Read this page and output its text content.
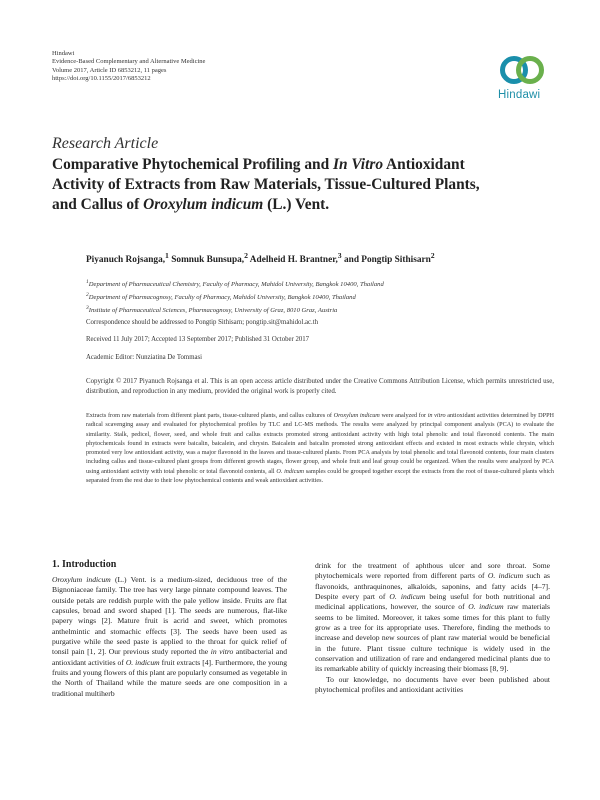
Hindawi
Evidence-Based Complementary and Alternative Medicine
Volume 2017, Article ID 6853212, 11 pages
https://doi.org/10.1155/2017/6853212
Hindawi
Research Article
Comparative Phytochemical Profiling and In Vitro Antioxidant
Activity of Extracts from Raw Materials, Tissue-Cultured Plants,
and Callus of Oroxylum indicum (L.) Vent.
Piyanuch Rojsanga,$^1$ Somnuk Bunsupa,$^2$ Adelheid H. Brantner,$^3$ and Pongtip Sithisarn$^2$
$^1$Department of Pharmaceutical Chemistry, Faculty of Pharmacy, Mahidol University, Bangkok 10400, Thailand
$^2$Department of Pharmacognosy, Faculty of Pharmacy, Mahidol University, Bangkok 10400, Thailand
$^3$Institute of Pharmaceutical Sciences, Pharmacognosy, University of Graz, 8010 Graz, Austria
Correspondence should be addressed to Pongtip Sithisarn; pongtip.sit@mahidol.ac.th
Received 11 July 2017; Accepted 13 September 2017; Published 31 October 2017
Academic Editor: Nunziatina De Tommasi
Copyright © 2017 Piyanuch Rojsanga et al. This is an open access article distributed under the Creative Commons Attribution License, which permits unrestricted use, distribution, and reproduction in any medium, provided the original work is properly cited.
Extracts from raw materials from different plant parts, tissue-cultured plants, and callus cultures of Oroxylum indicum were analyzed for in vitro antioxidant activities determined by DPPH radical scavenging assay and evaluated for phytochemical profiles by TLC and LC-MS methods. The results were analyzed by principal component analysis (PCA) to evaluate the similarity. Stalk, pedicel, flower, seed, and whole fruit and callus extracts promoted strong antioxidant activity with high total phenolic and total flavonoid contents. The main phytochemicals found in extracts were baicalin, baicalein, and chrysin. Baicalein and baicalin promoted strong antioxidant effects and existed in most extracts while chrysin, which promoted very low antioxidant activity, was a major flavonoid in the leaves and tissue-cultured plants. From PCA analysis by total phenolic and total flavonoid contents, four main clusters including callus and tissue-cultured plant groups from different growth stages, flower group, and whole fruit and leaf group could be organized. When the results were analyzed by PCA using antioxidant activity with total phenolic or total flavonoid contents, all O. indicum samples could be grouped together except the extracts from the root of tissue-cultured plants which separated from the rest due to their low phytochemical contents and weak antioxidant activities.
1. Introduction

Oroxylum indicum (L.) Vent. is a medium-sized, deciduous tree of the Bignoniaceae family. The tree has very large pinnate compound leaves. The outside petals are reddish purple with the pale yellow inside. Fruits are flat capsules, broad and sword shaped [1]. The seeds are numerous, flat-like papery wings [2]. Mature fruit is acrid and sweet, which promotes anthelmintic and stomachic effects [3]. The seeds have been used as purgative while the seed paste is applied to the throat for quick relief of tonsil pain [1, 2]. Our previous study reported the in vitro antibacterial and antioxidant activities of O. indicum fruit extracts [4]. Furthermore, the young fruits and young flowers of this plant are popularly consumed as vegetable in the North of Thailand while the mature seeds are one composition in a traditional multiherb

drink for the treatment of aphthous ulcer and sore throat. Some phytochemicals were reported from different parts of O. indicum such as flavonoids, anthraquinones, alkaloids, saponins, and fatty acids [4–7]. Despite every part of O. indicum being useful for both nutritional and medicinal applications, however, the source of O. indicum raw materials seems to be limited. Moreover, it takes some times for this plant to fully grow as a tree for its appropriate uses. Therefore, finding the methods to increase and develop new sources of plant raw material would be beneficial in the future. Plant tissue culture technique is widely used in the conservation and utilization of rare and endangered medicinal plants due to its remarkable ability of quickly increasing their biomass [8, 9].

To our knowledge, no documents have ever been published about phytochemical profiles and antioxidant activities
